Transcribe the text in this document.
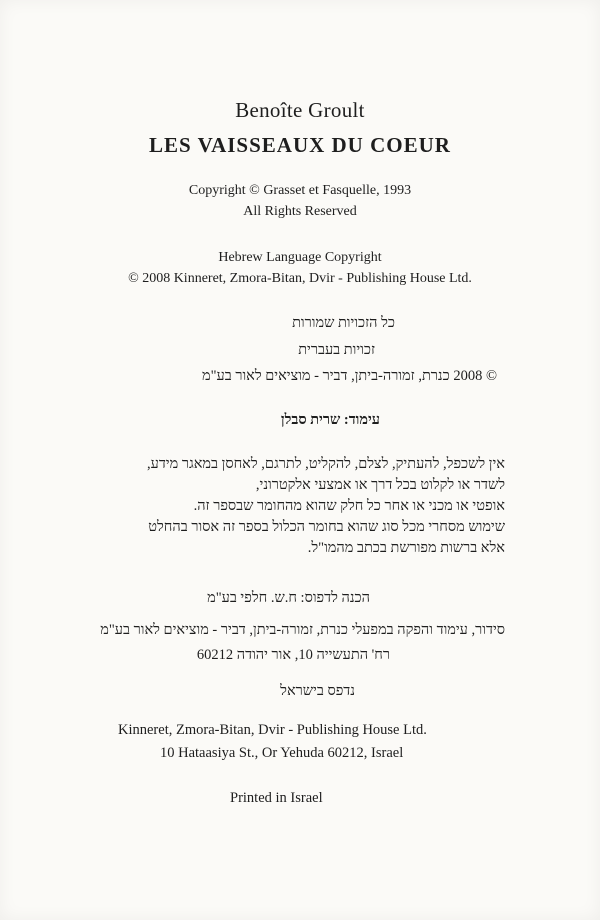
Benoîte Groult
LES VAISSEAUX DU COEUR
Copyright © Grasset et Fasquelle, 1993
All Rights Reserved
Hebrew Language Copyright
© 2008 Kinneret, Zmora-Bitan, Dvir - Publishing House Ltd.
כל הזכויות שמורות
זכויות בעברית
© 2008 כנרת, זמורה-ביתן, דביר - מוציאים לאור בע"מ
עימוד: שרית סבלן
אין לשכפל, להעתיק, לצלם, להקליט, לתרגם, לאחסן במאגר מידע,
לשדר או לקלוט בכל דרך או אמצעי אלקטרוני,
אופטי או מכני או אחר כל חלק שהוא מהחומר שבספר זה.
שימוש מסחרי מכל סוג שהוא בחומר הכלול בספר זה אסור בהחלט
אלא ברשות מפורשת בכתב מהמו"ל.
הכנה לדפוס: ח.ש. חלפי בע"מ
סידור, עימוד והפקה במפעלי כנרת, זמורה-ביתן, דביר - מוציאים לאור בע"מ
רח' התעשייה 10, אור יהודה 60212
נדפס בישראל
Kinneret, Zmora-Bitan, Dvir - Publishing House Ltd.
10 Hataasiya St., Or Yehuda 60212, Israel
Printed in Israel
